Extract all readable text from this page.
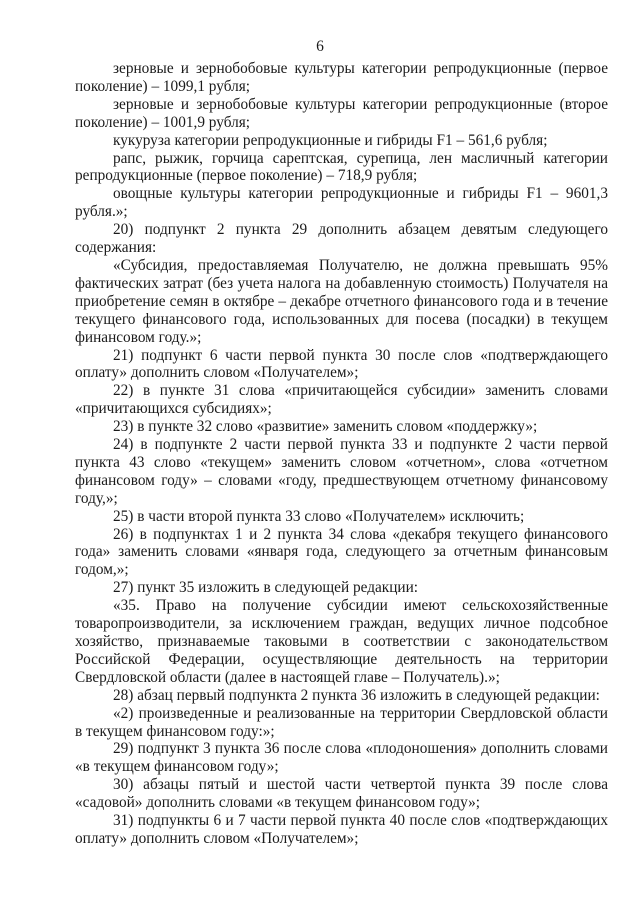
6

зерновые и зернобобовые культуры категории репродукционные (первое поколение) – 1099,1 рубля;

зерновые и зернобобовые культуры категории репродукционные (второе поколение) – 1001,9 рубля;

кукуруза категории репродукционные и гибриды F1 – 561,6 рубля;

рапс, рыжик, горчица сарептская, сурепица, лен масличный категории репродукционные (первое поколение) – 718,9 рубля;

овощные культуры категории репродукционные и гибриды F1 – 9601,3 рубля.»;

20) подпункт 2 пункта 29 дополнить абзацем девятым следующего содержания:

«Субсидия, предоставляемая Получателю, не должна превышать 95% фактических затрат (без учета налога на добавленную стоимость) Получателя на приобретение семян в октябре – декабре отчетного финансового года и в течение текущего финансового года, использованных для посева (посадки) в текущем финансовом году.»;

21) подпункт 6 части первой пункта 30 после слов «подтверждающего оплату» дополнить словом «Получателем»;

22) в пункте 31 слова «причитающейся субсидии» заменить словами «причитающихся субсидиях»;

23) в пункте 32 слово «развитие» заменить словом «поддержку»;

24) в подпункте 2 части первой пункта 33 и подпункте 2 части первой пункта 43 слово «текущем» заменить словом «отчетном», слова «отчетном финансовом году» – словами «году, предшествующем отчетному финансовому году,»;

25) в части второй пункта 33 слово «Получателем» исключить;

26) в подпунктах 1 и 2 пункта 34 слова «декабря текущего финансового года» заменить словами «января года, следующего за отчетным финансовым годом,»;

27) пункт 35 изложить в следующей редакции:

«35. Право на получение субсидии имеют сельскохозяйственные товаропроизводители, за исключением граждан, ведущих личное подсобное хозяйство, признаваемые таковыми в соответствии с законодательством Российской Федерации, осуществляющие деятельность на территории Свердловской области (далее в настоящей главе – Получатель).»;

28) абзац первый подпункта 2 пункта 36 изложить в следующей редакции:

«2) произведенные и реализованные на территории Свердловской области в текущем финансовом году:»;

29) подпункт 3 пункта 36 после слова «плодоношения» дополнить словами «в текущем финансовом году»;

30) абзацы пятый и шестой части четвертой пункта 39 после слова «садовой» дополнить словами «в текущем финансовом году»;

31) подпункты 6 и 7 части первой пункта 40 после слов «подтверждающих оплату» дополнить словом «Получателем»;
